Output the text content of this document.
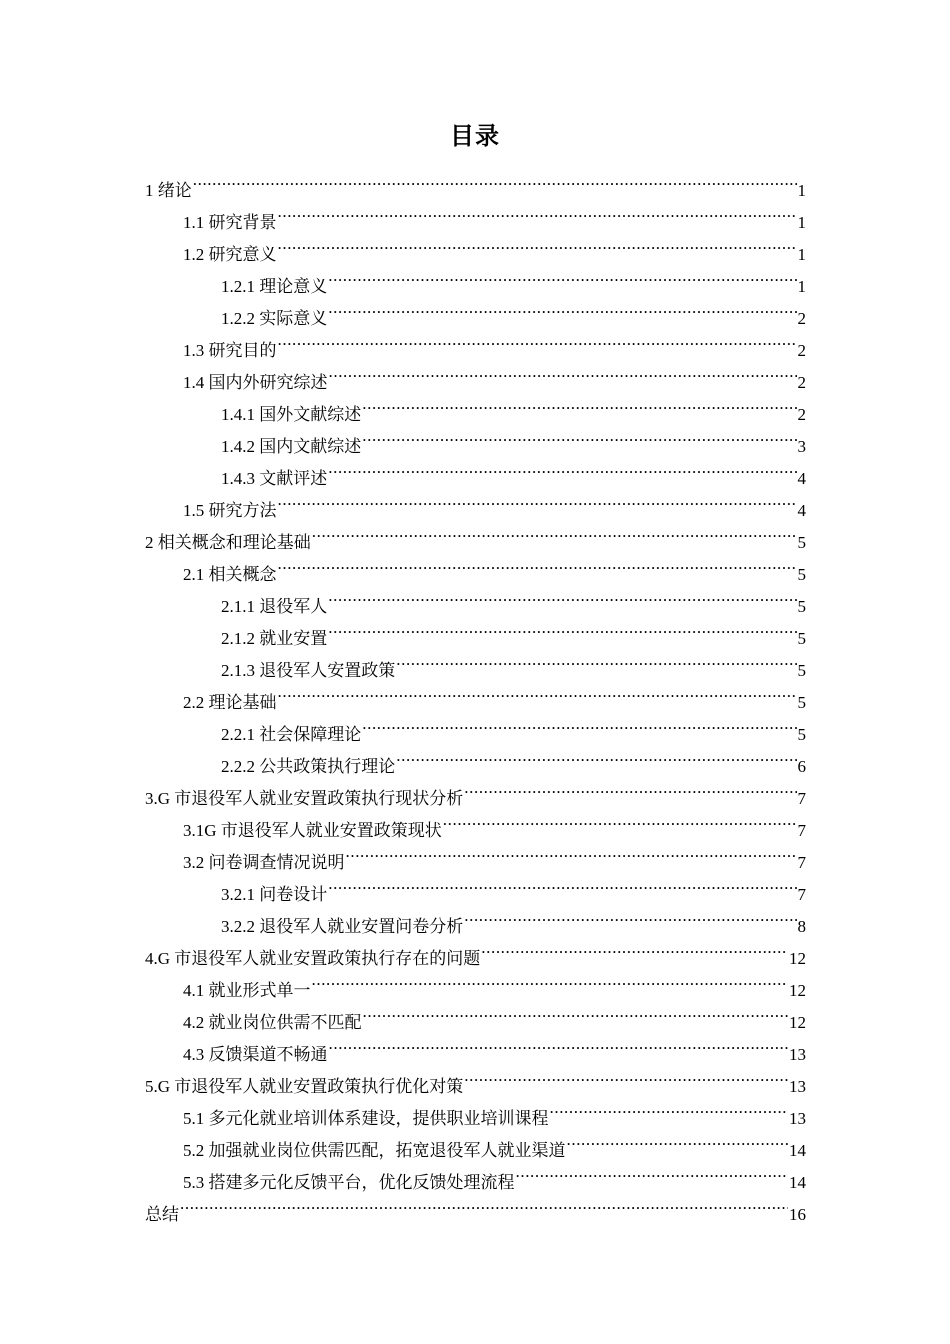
目录
1 绪论 .....	1
1.1 研究背景 .....	1
1.2 研究意义 .....	1
1.2.1 理论意义 .....	1
1.2.2 实际意义 .....	2
1.3 研究目的 .....	2
1.4 国内外研究综述 .....	2
1.4.1 国外文献综述 .....	2
1.4.2 国内文献综述 .....	3
1.4.3 文献评述 .....	4
1.5 研究方法 .....	4
2 相关概念和理论基础 .....	5
2.1 相关概念 .....	5
2.1.1 退役军人 .....	5
2.1.2 就业安置 .....	5
2.1.3 退役军人安置政策 .....	5
2.2 理论基础 .....	5
2.2.1 社会保障理论 .....	5
2.2.2 公共政策执行理论 .....	6
3.G 市退役军人就业安置政策执行现状分析 .....	7
3.1G 市退役军人就业安置政策现状 .....	7
3.2 问卷调查情况说明 .....	7
3.2.1 问卷设计 .....	7
3.2.2 退役军人就业安置问卷分析 .....	8
4.G 市退役军人就业安置政策执行存在的问题 .....	12
4.1 就业形式单一 .....	12
4.2 就业岗位供需不匹配 .....	12
4.3 反馈渠道不畅通 .....	13
5.G 市退役军人就业安置政策执行优化对策 .....	13
5.1 多元化就业培训体系建设，提供职业培训课程 .....	13
5.2 加强就业岗位供需匹配，拓宽退役军人就业渠道 .....	14
5.3 搭建多元化反馈平台，优化反馈处理流程 .....	14
总结 .....	16
